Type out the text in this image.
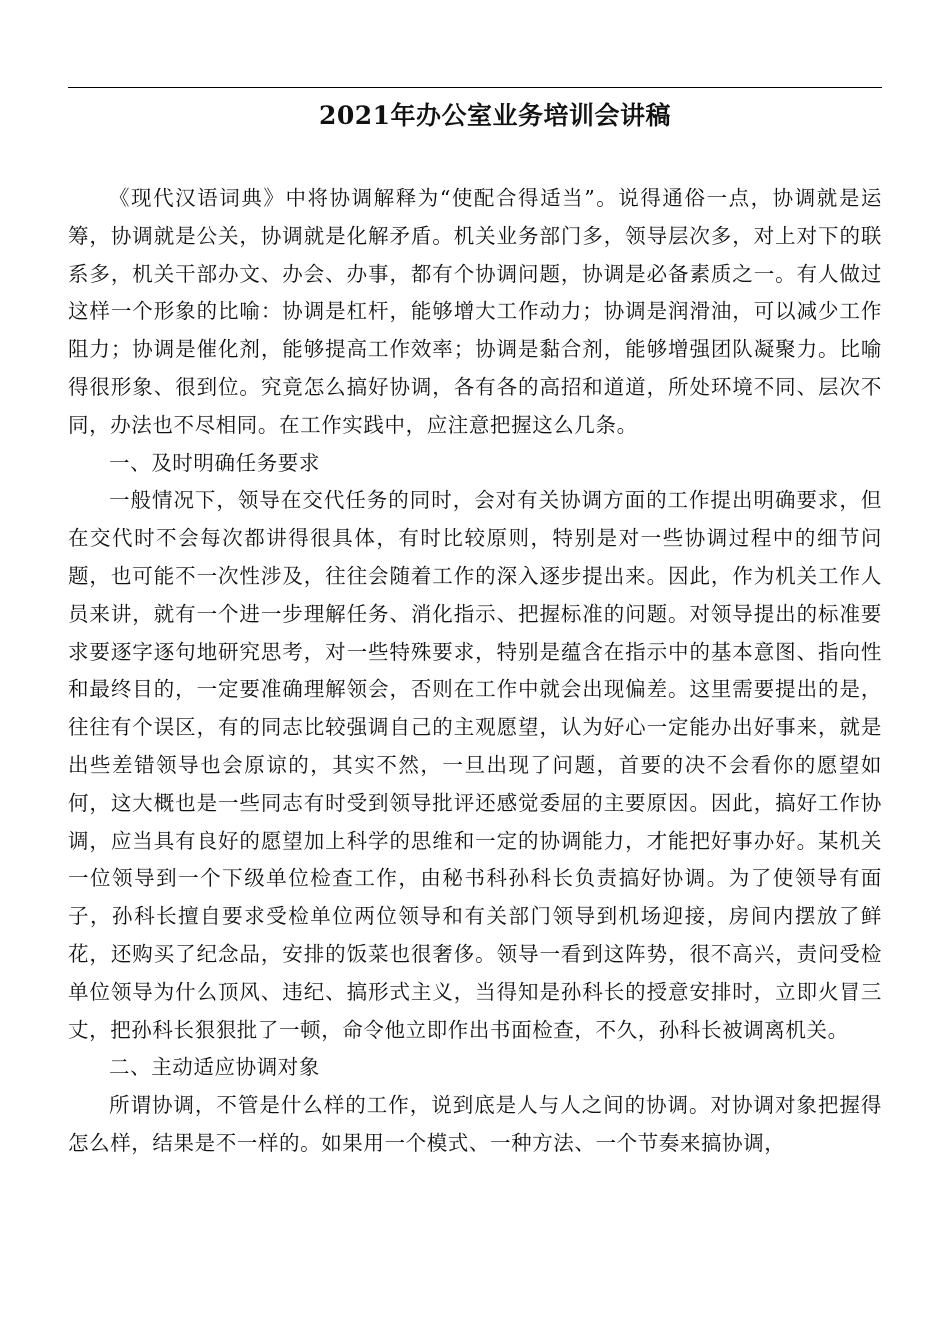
2021年办公室业务培训会讲稿

《现代汉语词典》中将协调解释为“使配合得适当”。说得通俗一点，协调就是运筹，协调就是公关，协调就是化解矛盾。机关业务部门多，领导层次多，对上对下的联系多，机关干部办文、办会、办事，都有个协调问题，协调是必备素质之一。有人做过这样一个形象的比喻：协调是杠杆，能够增大工作动力；协调是润滑油，可以减少工作阻力；协调是催化剂，能够提高工作效率；协调是黏合剂，能够增强团队凝聚力。比喻得很形象、很到位。究竟怎么搞好协调，各有各的高招和道道，所处环境不同、层次不同，办法也不尽相同。在工作实践中，应注意把握这么几条。

一、及时明确任务要求

一般情况下，领导在交代任务的同时，会对有关协调方面的工作提出明确要求，但在交代时不会每次都讲得很具体，有时比较原则，特别是对一些协调过程中的细节问题，也可能不一次性涉及，往往会随着工作的深入逐步提出来。因此，作为机关工作人员来讲，就有一个进一步理解任务、消化指示、把握标准的问题。对领导提出的标准要求要逐字逐句地研究思考，对一些特殊要求，特别是蕴含在指示中的基本意图、指向性和最终目的，一定要准确理解领会，否则在工作中就会出现偏差。这里需要提出的是，往往有个误区，有的同志比较强调自己的主观愿望，认为好心一定能办出好事来，就是出些差错领导也会原谅的，其实不然，一旦出现了问题，首要的决不会看你的愿望如何，这大概也是一些同志有时受到领导批评还感觉委屈的主要原因。因此，搞好工作协调，应当具有良好的愿望加上科学的思维和一定的协调能力，才能把好事办好。某机关一位领导到一个下级单位检查工作，由秘书科孙科长负责搞好协调。为了使领导有面子，孙科长擅自要求受检单位两位领导和有关部门领导到机场迎接，房间内摆放了鲜花，还购买了纪念品，安排的饭菜也很奢侈。领导一看到这阵势，很不高兴，责问受检单位领导为什么顶风、违纪、搞形式主义，当得知是孙科长的授意安排时，立即火冒三丈，把孙科长狠狠批了一顿，命令他立即作出书面检查，不久，孙科长被调离机关。

二、主动适应协调对象

所谓协调，不管是什么样的工作，说到底是人与人之间的协调。对协调对象把握得怎么样，结果是不一样的。如果用一个模式、一种方法、一个节奏来搞协调，
